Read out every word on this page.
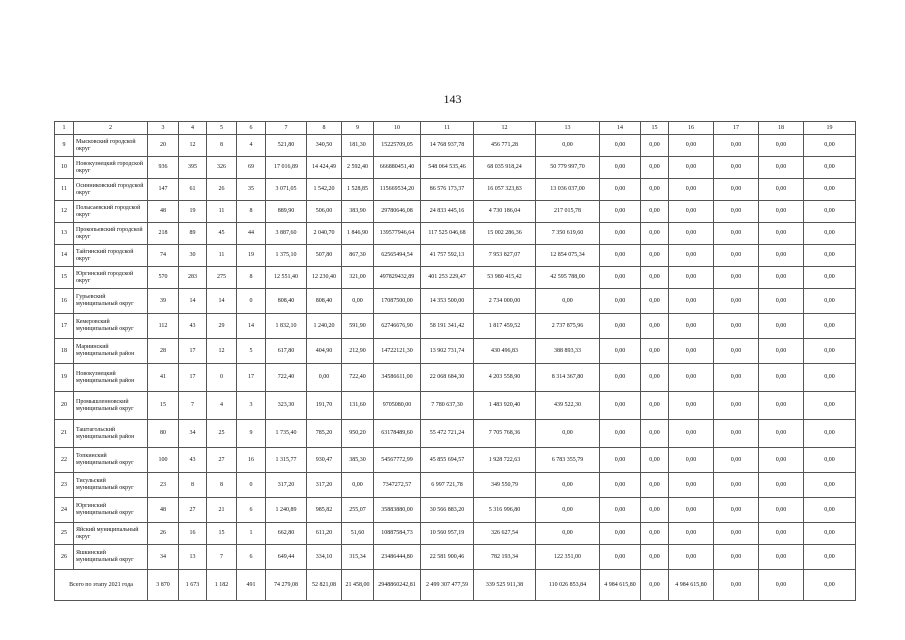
143
1	2	3	4	5	6	7	8	9	10	11	12	13	14	15	16	17	18	19
9	Мысковский городской округ	20	12	8	4	521,80	340,50	181,30	15225709,05	14 768 937,78	456 771,28	0,00	0,00	0,00	0,00	0,00	0,00	0,00
10	Новокузнецкий городской округ	936	395	326	69	17 016,89	14 424,49	2 592,40	666880451,40	548 064 535,46	68 035 918,24	50 779 997,70	0,00	0,00	0,00	0,00	0,00	0,00
11	Осинниковский городской округ	147	61	26	35	3 071,05	1 542,20	1 528,85	115669534,20	86 576 173,37	16 057 323,83	13 036 037,00	0,00	0,00	0,00	0,00	0,00	0,00
12	Полысаевский городской округ	48	19	11	8	889,90	506,00	383,90	29780646,08	24 833 445,16	4 730 186,04	217 015,78	0,00	0,00	0,00	0,00	0,00	0,00
13	Прокопьевский городской округ	218	89	45	44	3 887,60	2 040,70	1 846,90	139577946,64	117 525 046,68	15 002 286,36	7 350 619,60	0,00	0,00	0,00	0,00	0,00	0,00
14	Тайгинский городской округ	74	30	11	19	1 375,10	507,80	867,30	62565494,54	41 757 592,13	7 953 827,07	12 854 075,34	0,00	0,00	0,00	0,00	0,00	0,00
15	Юргинский городской округ	570	283	275	8	12 551,40	12 230,40	321,00	497829432,89	401 253 229,47	53 980 415,42	42 595 788,00	0,00	0,00	0,00	0,00	0,00	0,00
16	Гурьевский муниципальный округ	39	14	14	0	808,40	808,40	0,00	17087500,00	14 353 500,00	2 734 000,00	0,00	0,00	0,00	0,00	0,00	0,00	0,00
17	Кемеровский муниципальный округ	112	43	29	14	1 832,10	1 240,20	591,90	62746676,90	58 191 341,42	1 817 459,52	2 737 875,96	0,00	0,00	0,00	0,00	0,00	0,00
18	Мариинский муниципальный район	28	17	12	5	617,80	404,90	212,90	14722121,30	13 902 731,74	430 496,83	388 893,33	0,00	0,00	0,00	0,00	0,00	0,00
19	Новокузнецкий муниципальный район	41	17	0	17	722,40	0,00	722,40	34586611,00	22 068 684,30	4 203 558,90	8 314 367,80	0,00	0,00	0,00	0,00	0,00	0,00
20	Промышленновский муниципальный округ	15	7	4	3	323,30	191,70	131,60	9705080,00	7 780 637,30	1 483 920,40	439 522,30	0,00	0,00	0,00	0,00	0,00	0,00
21	Таштагольский муниципальный район	80	34	25	9	1 735,40	785,20	950,20	63178489,60	55 472 721,24	7 705 768,36	0,00	0,00	0,00	0,00	0,00	0,00	0,00
22	Топкинский муниципальный округ	100	43	27	16	1 315,77	930,47	385,30	54567772,99	45 855 694,57	1 928 722,63	6 783 355,79	0,00	0,00	0,00	0,00	0,00	0,00
23	Тисульский муниципальный округ	23	8	8	0	317,20	317,20	0,00	7347272,57	6 997 721,78	349 550,79	0,00	0,00	0,00	0,00	0,00	0,00	0,00
24	Юргинский муниципальный округ	48	27	21	6	1 240,89	985,82	255,07	35883880,00	30 566 883,20	5 316 996,80	0,00	0,00	0,00	0,00	0,00	0,00	0,00
25	Яйский муниципальный округ	26	16	15	1	662,80	611,20	51,60	10887584,73	10 560 957,19	326 627,54	0,00	0,00	0,00	0,00	0,00	0,00	0,00
26	Яшкинский муниципальный округ	34	13	7	6	649,44	334,10	315,34	23486444,80	22 581 900,46	782 193,34	122 351,00	0,00	0,00	0,00	0,00	0,00	0,00
Всего по этапу 2021 года		3 870	1 673	1 182	491	74 279,08	52 821,08	21 458,00	2948860242,81	2 499 307 477,59	339 525 911,38	110 026 853,84	4 984 615,80	0,00	4 984 615,80	0,00	0,00	0,00
